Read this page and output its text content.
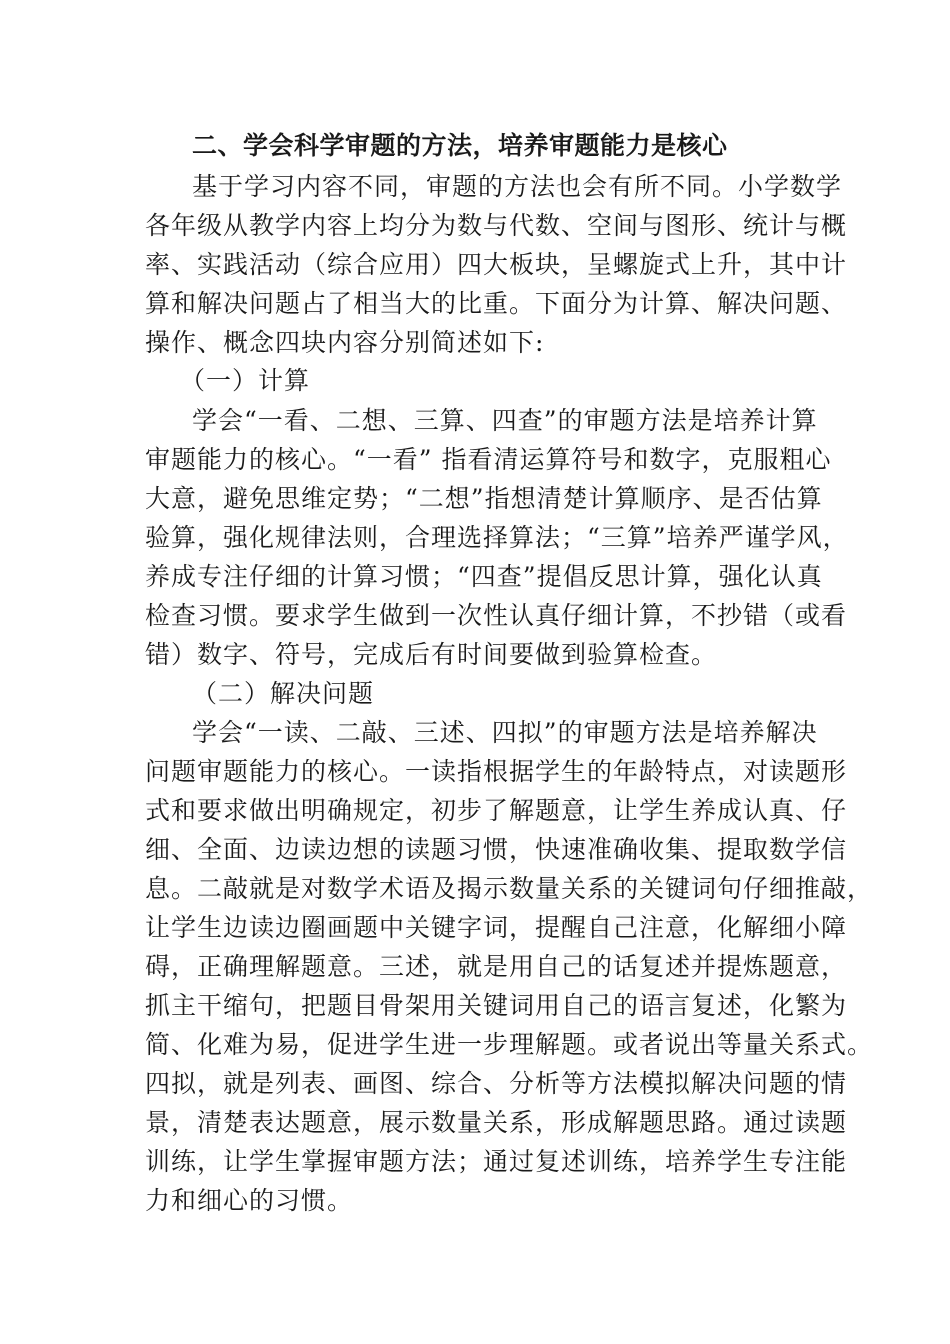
二、学会科学审题的方法，培养审题能力是核心
基于学习内容不同，审题的方法也会有所不同。小学数学
各年级从教学内容上均分为数与代数、空间与图形、统计与概
率、实践活动（综合应用）四大板块，呈螺旋式上升，其中计
算和解决问题占了相当大的比重。下面分为计算、解决问题、
操作、概念四块内容分别简述如下:
（一）计算
学会“一看、二想、三算、四查”的审题方法是培养计算
审题能力的核心。“一看” 指看清运算符号和数字，克服粗心
大意，避免思维定势；“二想”指想清楚计算顺序、是否估算
验算，强化规律法则，合理选择算法；“三算”培养严谨学风，
养成专注仔细的计算习惯；“四查”提倡反思计算，强化认真
检查习惯。要求学生做到一次性认真仔细计算，不抄错（或看
错）数字、符号，完成后有时间要做到验算检查。
（二）解决问题
学会“一读、二敲、三述、四拟”的审题方法是培养解决
问题审题能力的核心。一读指根据学生的年龄特点，对读题形
式和要求做出明确规定，初步了解题意，让学生养成认真、仔
细、全面、边读边想的读题习惯，快速准确收集、提取数学信
息。二敲就是对数学术语及揭示数量关系的关键词句仔细推敲，
让学生边读边圈画题中关键字词，提醒自己注意，化解细小障
碍，正确理解题意。三述，就是用自己的话复述并提炼题意，
抓主干缩句，把题目骨架用关键词用自己的语言复述，化繁为
简、化难为易，促进学生进一步理解题。或者说出等量关系式。
四拟，就是列表、画图、综合、分析等方法模拟解决问题的情
景，清楚表达题意，展示数量关系，形成解题思路。通过读题
训练，让学生掌握审题方法；通过复述训练，培养学生专注能
力和细心的习惯。
